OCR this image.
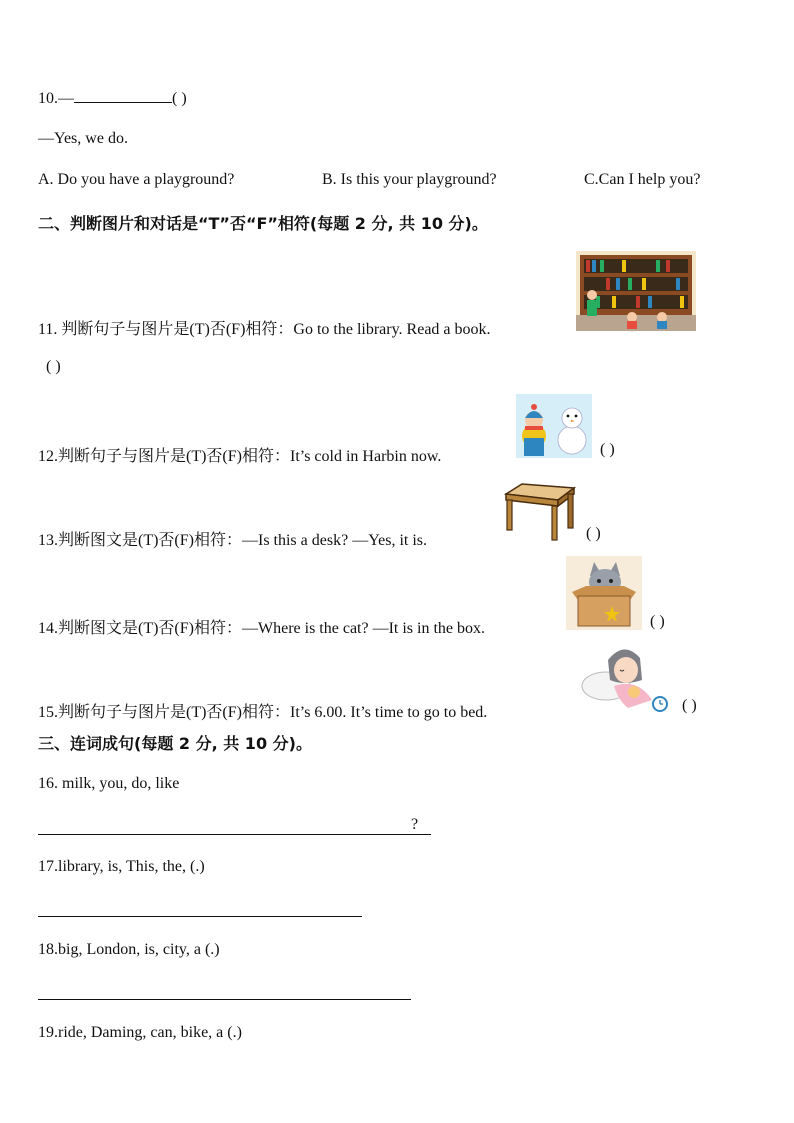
10.—	( )
—Yes, we do.
A. Do you have a playground?	B. Is this your playground?	C.Can I help you?
二、判断图片和对话是“T”否“F”相符(每题 2 分, 共 10 分)。
11. 判断句子与图片是(T)否(F)相符：Go to the library. Read a book.
( )
12.判断句子与图片是(T)否(F)相符：It’s cold in Harbin now.	( )
13.判断图文是(T)否(F)相符：—Is this a desk? —Yes, it is.	( )
14.判断图文是(T)否(F)相符：—Where is the cat? —It is in the box.	( )
15.判断句子与图片是(T)否(F)相符：It’s 6.00. It’s time to go to bed.	( )
三、连词成句(每题 2 分, 共 10 分)。
16. milk, you, do, like
?
17.library, is, This, the, (.)
18.big, London, is, city, a (.)
19.ride, Daming, can, bike, a (.)
